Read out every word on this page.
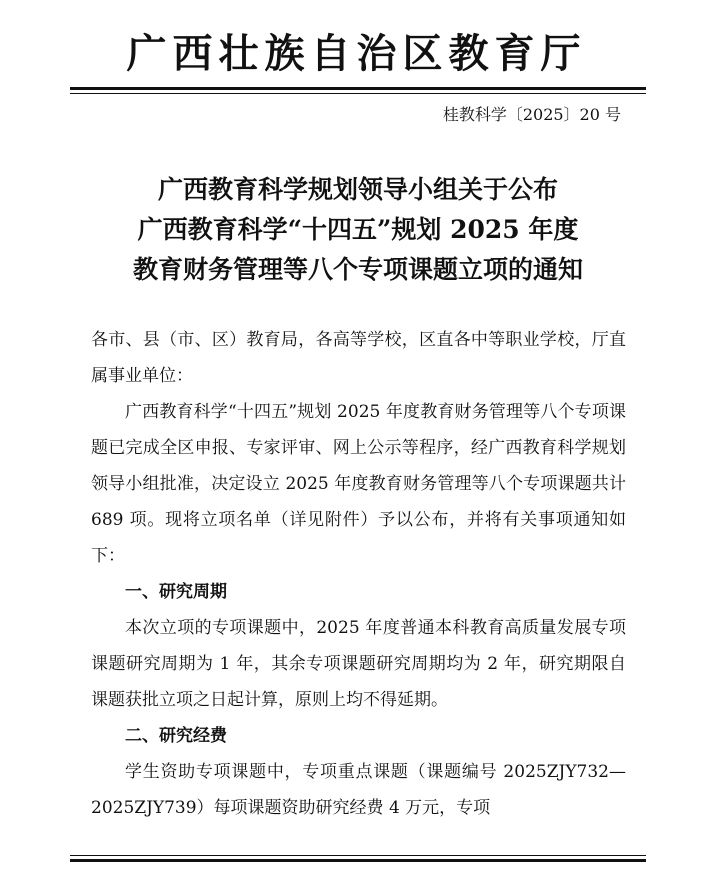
广西壮族自治区教育厅
桂教科学〔2025〕20 号
广西教育科学规划领导小组关于公布
广西教育科学“十四五”规划 2025 年度
教育财务管理等八个专项课题立项的通知

各市、县（市、区）教育局，各高等学校，区直各中等职业学校，厅直属事业单位：

广西教育科学“十四五”规划 2025 年度教育财务管理等八个专项课题已完成全区申报、专家评审、网上公示等程序，经广西教育科学规划领导小组批准，决定设立 2025 年度教育财务管理等八个专项课题共计 689 项。现将立项名单（详见附件）予以公布，并将有关事项通知如下：

一、研究周期

本次立项的专项课题中，2025 年度普通本科教育高质量发展专项课题研究周期为 1 年，其余专项课题研究周期均为 2 年，研究期限自课题获批立项之日起计算，原则上均不得延期。

二、研究经费

学生资助专项课题中，专项重点课题（课题编号 2025ZJY732—2025ZJY739）每项课题资助研究经费 4 万元，专项
